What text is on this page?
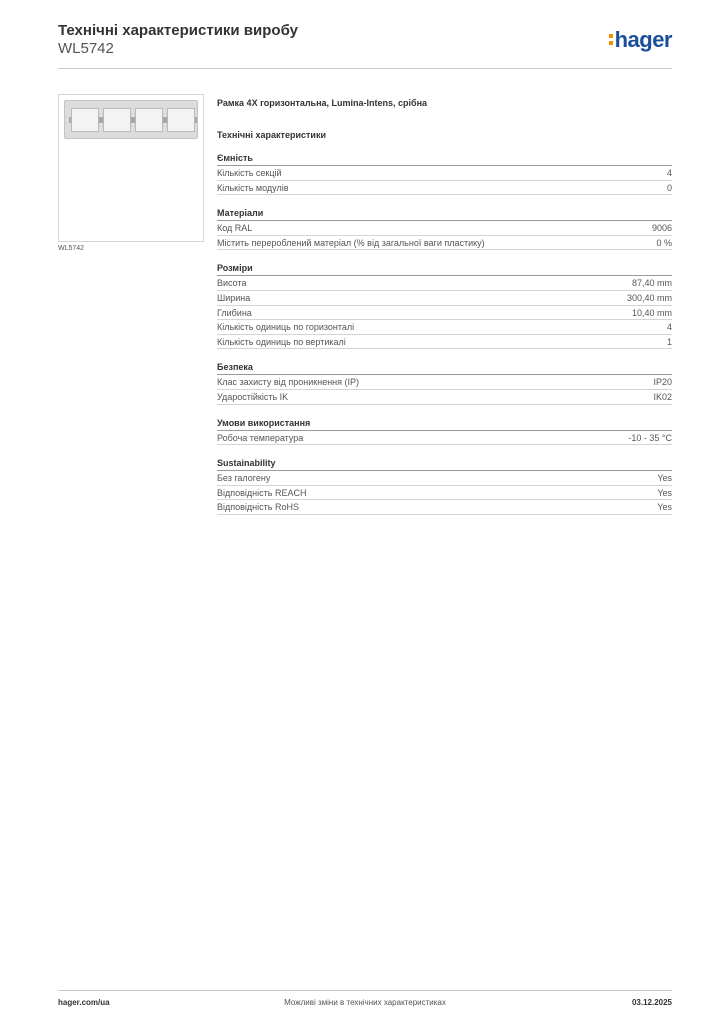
Технічні характеристики виробу
WL5742	hager
WL5742
Рамка 4X горизонтальна, Lumina-Intens, срібна
Технічні характеристики
Ємність
Кількість секцій	4
Кількість модулів	0
Матеріали
Код RAL	9006
Містить перероблений матеріал (% від загальної ваги пластику)	0 %
Розміри
Висота	87,40 mm
Ширина	300,40 mm
Глибина	10,40 mm
Кількість одиниць по горизонталі	4
Кількість одиниць по вертикалі	1
Безпека
Клас захисту від проникнення (IP)	IP20
Ударостійкість IK	IK02
Умови використання
Робоча температура	-10 - 35 °C
Sustainability
Без галогену	Yes
Відповідність REACH	Yes
Відповідність RoHS	Yes
hager.com/ua	Можливі зміни в технічних характеристиках	03.12.2025
